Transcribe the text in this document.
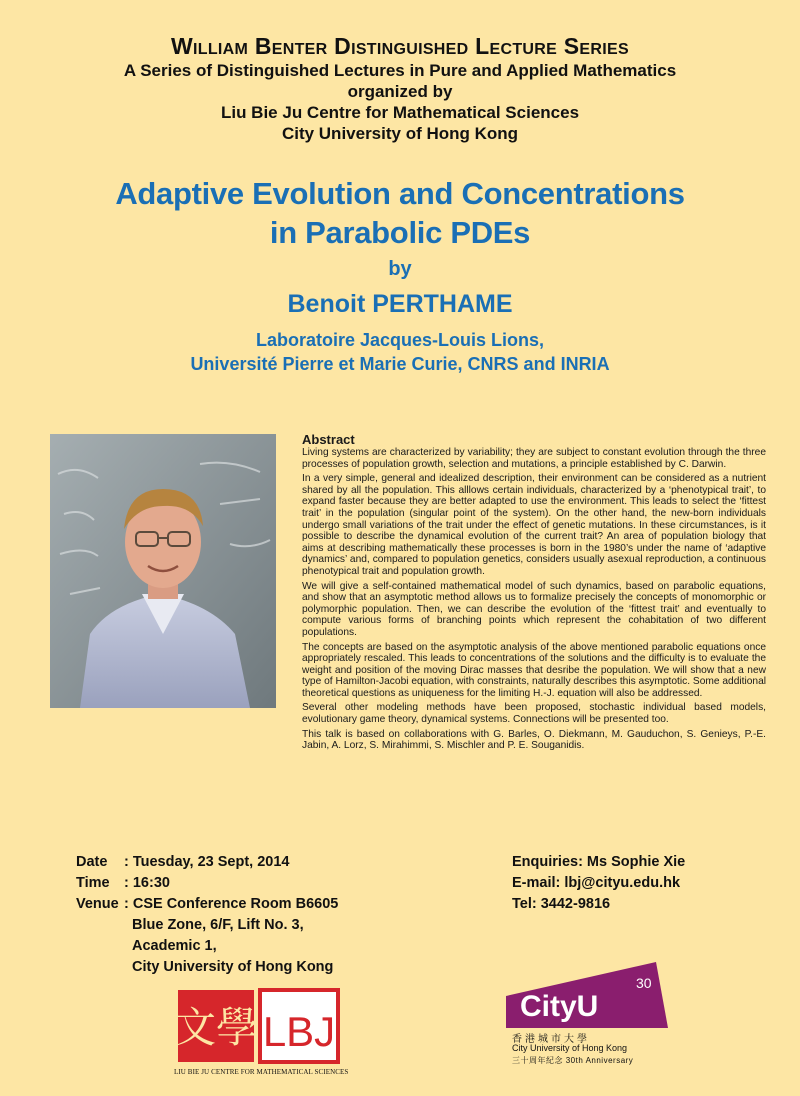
William Benter Distinguished Lecture Series
A Series of Distinguished Lectures in Pure and Applied Mathematics
organized by
Liu Bie Ju Centre for Mathematical Sciences
City University of Hong Kong
Adaptive Evolution and Concentrations
in Parabolic PDEs
by
Benoit PERTHAME
Laboratoire Jacques-Louis Lions,
Université Pierre et Marie Curie, CNRS and INRIA
Abstract

Living systems are characterized by variability; they are subject to constant evolution through the three processes of population growth, selection and mutations, a principle established by C. Darwin.

In a very simple, general and idealized description, their environment can be considered as a nutrient shared by all the population. This alllows certain individuals, characterized by a ‘phenotypical trait’, to expand faster because they are better adapted to use the environment. This leads to select the ‘fittest trait’ in the population (singular point of the system). On the other hand, the new-born individuals undergo small variations of the trait under the effect of genetic mutations. In these circumstances, is it possible to describe the dynamical evolution of the current trait? An area of population biology that aims at describing mathematically these processes is born in the 1980’s under the name of ‘adaptive dynamics’ and, compared to population genetics, considers usually asexual reproduction, a continuous phenotypical trait and population growth.

We will give a self-contained mathematical model of such dynamics, based on parabolic equations, and show that an asymptotic method allows us to formalize precisely the concepts of monomorphic or polymorphic population. Then, we can describe the evolution of the ‘fittest trait’ and eventually to compute various forms of branching points which represent the cohabitation of two different populations.

The concepts are based on the asymptotic analysis of the above mentioned parabolic equations once appropriately rescaled. This leads to concentrations of the solutions and the difficulty is to evaluate the weight and position of the moving Dirac masses that desribe the population. We will show that a new type of Hamilton-Jacobi equation, with constraints, naturally describes this asymptotic. Some additional theoretical questions as uniqueness for the limiting H.-J. equation will also be addressed.

Several other modeling methods have been proposed, stochastic individual based models, evolutionary game theory, dynamical systems. Connections will be presented too.

This talk is based on collaborations with G. Barles, O. Diekmann, M. Gauduchon, S. Genieys, P.-E. Jabin, A. Lorz, S. Mirahimmi, S. Mischler and P. E. Souganidis.

Date	: Tuesday, 23 Sept, 2014
Time : 16:30
Venue : CSE Conference Room B6605
Blue Zone, 6/F, Lift No. 3,
Academic 1,
City University of Hong Kong
Enquiries: Ms Sophie Xie
E-mail: lbj@cityu.edu.hk
Tel: 3442-9816
文學 LBJ
LIU BIE JU CENTRE FOR MATHEMATICAL SCIENCES
CityU
30
香港城市大學
City University of Hong Kong
三十周年紀念 30th Anniversary
